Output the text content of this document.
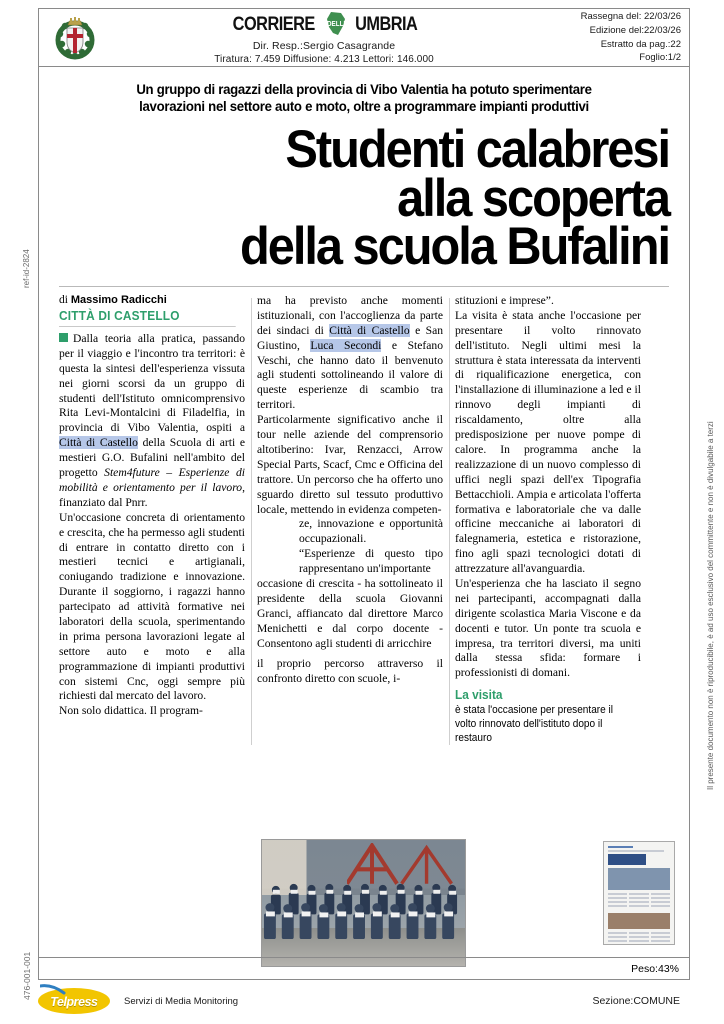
CORRIERE DELL' UMBRIA
Dir. Resp.:Sergio Casagrande
Tiratura: 7.459 Diffusione: 4.213 Lettori: 146.000
Rassegna del: 22/03/26
Edizione del:22/03/26
Estratto da pag.:22
Foglio:1/2
Un gruppo di ragazzi della provincia di Vibo Valentia ha potuto sperimentare
lavorazioni nel settore auto e moto, oltre a programmare impianti produttivi
Studenti calabresi
alla scoperta
della scuola Bufalini
di Massimo Radicchi
CITTÀ DI CASTELLO

Dalla teoria alla pratica, passando per il viaggio e l'incontro tra territori: è questa la sintesi dell'esperienza vissuta nei giorni scorsi da un gruppo di studenti dell'Istituto omnicomprensivo Rita Levi-Montalcini di Filadelfia, in provincia di Vibo Valentia, ospiti a Città di Castello della Scuola di arti e mestieri G.O. Bufalini nell'ambito del progetto Stem4future – Esperienze di mobilità e orientamento per il lavoro, finanziato dal Pnrr.

Un'occasione concreta di orientamento e crescita, che ha permesso agli studenti di entrare in contatto diretto con i mestieri tecnici e artigianali, coniugando tradizione e innovazione. Durante il soggiorno, i ragazzi hanno partecipato ad attività formative nei laboratori della scuola, sperimentando in prima persona lavorazioni legate al settore auto e moto e alla programmazione di impianti produttivi con sistemi Cnc, oggi sempre più richiesti dal mercato del lavoro.

Non solo didattica. Il program-

ma ha previsto anche momenti istituzionali, con l'accoglienza da parte dei sindaci di Città di Castello e San Giustino, Luca Secondi e Stefano Veschi, che hanno dato il benvenuto agli studenti sottolineando il valore di queste esperienze di scambio tra territori.

Particolarmente significativo anche il tour nelle aziende del comprensorio altotiberino: Ivar, Renzacci, Arrow Special Parts, Scacf, Cmc e Officina del trattore. Un percorso che ha offerto uno sguardo diretto sul tessuto produttivo locale, mettendo in evidenza competen-

ze, innovazione e opportunità occupazionali.

“Esperienze di questo tipo rappresentano un'importante

occasione di crescita - ha sottolineato il presidente della scuola Giovanni Granci, affiancato dal direttore Marco Menichetti e dal corpo docente - Consentono agli studenti di arricchire

il proprio percorso attraverso il confronto diretto con scuole, i-

stituzioni e imprese”.

La visita è stata anche l'occasione per presentare il volto rinnovato dell'istituto. Negli ultimi mesi la struttura è stata interessata da interventi di riqualificazione energetica, con l'installazione di illuminazione a led e il rinnovo degli impianti di riscaldamento, oltre alla predisposizione per nuove pompe di calore. In programma anche la realizzazione di un nuovo complesso di uffici negli spazi dell'ex Tipografia Bettacchioli. Ampia e articolata l'offerta formativa e laboratoriale che va dalle officine meccaniche ai laboratori di falegnameria, estetica e ristorazione, fino agli spazi tecnologici dotati di attrezzature all'avanguardia.

Un'esperienza che ha lasciato il segno nei partecipanti, accompagnati dalla dirigente scolastica Maria Viscone e da docenti e tutor. Un ponte tra scuola e impresa, tra territori diversi, ma uniti dalla stessa sfida: formare i professionisti di domani.

La visita
è stata l'occasione per presentare il volto rinnovato dell'istituto dopo il restauro
Peso:43%
Telpress	Servizi di Media Monitoring	Sezione:COMUNE
ref-id-2824
476-001-001
Il presente documento non è riproducibile, è ad uso esclusivo del committente e non è divulgabile a terzi
